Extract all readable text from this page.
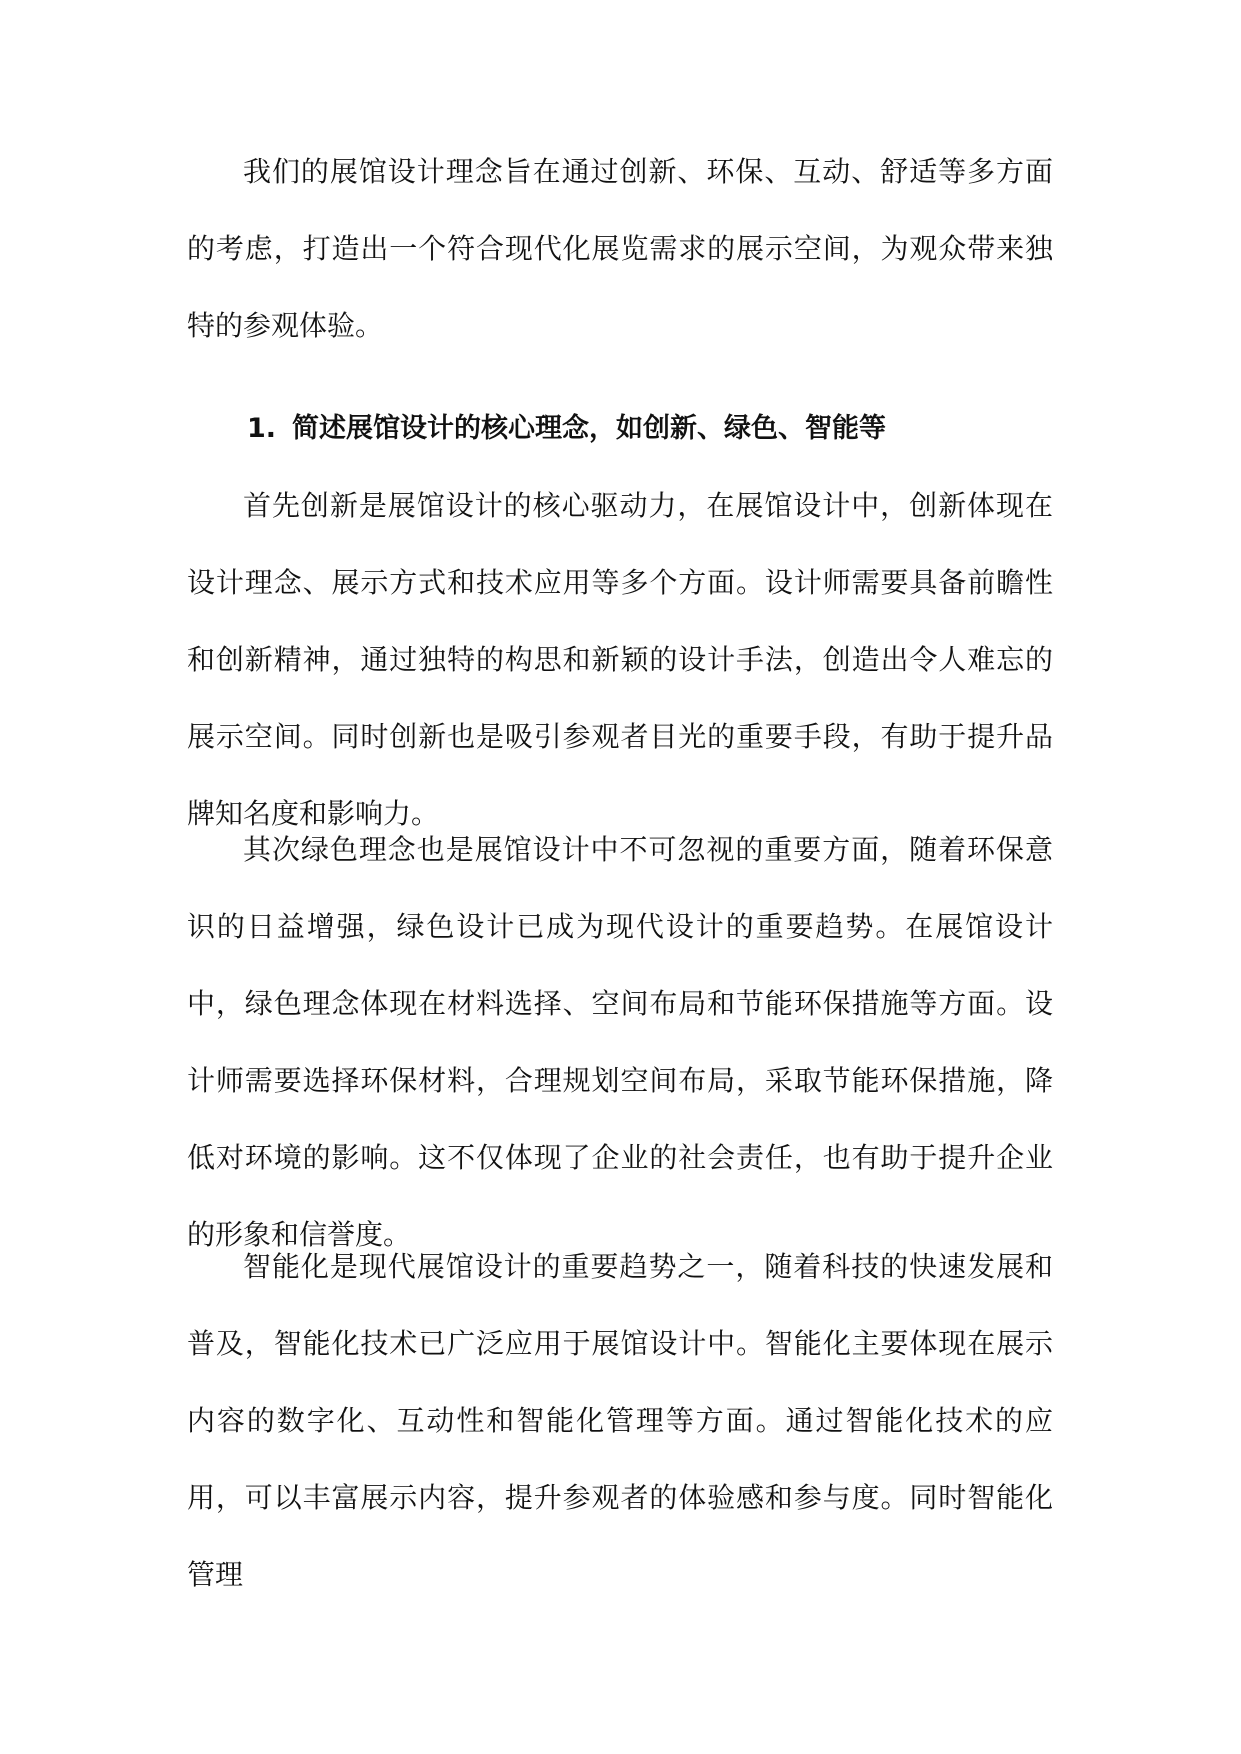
我们的展馆设计理念旨在通过创新、环保、互动、舒适等多方面的考虑，打造出一个符合现代化展览需求的展示空间，为观众带来独特的参观体验。

1. 简述展馆设计的核心理念，如创新、绿色、智能等

首先创新是展馆设计的核心驱动力，在展馆设计中，创新体现在设计理念、展示方式和技术应用等多个方面。设计师需要具备前瞻性和创新精神，通过独特的构思和新颖的设计手法，创造出令人难忘的展示空间。同时创新也是吸引参观者目光的重要手段，有助于提升品牌知名度和影响力。

其次绿色理念也是展馆设计中不可忽视的重要方面，随着环保意识的日益增强，绿色设计已成为现代设计的重要趋势。在展馆设计中，绿色理念体现在材料选择、空间布局和节能环保措施等方面。设计师需要选择环保材料，合理规划空间布局，采取节能环保措施，降低对环境的影响。这不仅体现了企业的社会责任，也有助于提升企业的形象和信誉度。

智能化是现代展馆设计的重要趋势之一，随着科技的快速发展和普及，智能化技术已广泛应用于展馆设计中。智能化主要体现在展示内容的数字化、互动性和智能化管理等方面。通过智能化技术的应用，可以丰富展示内容，提升参观者的体验感和参与度。同时智能化管理
